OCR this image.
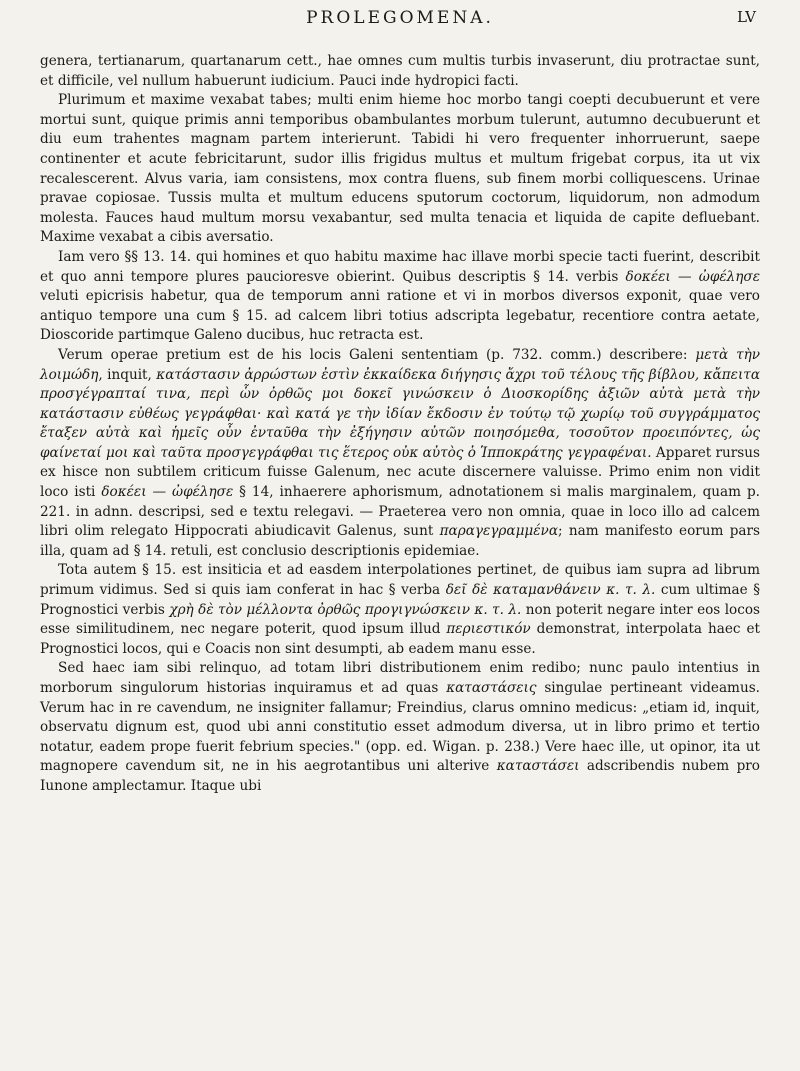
PROLEGOMENA.	LV

genera, tertianarum, quartanarum cett., hae omnes cum multis turbis invaserunt, diu protractae sunt, et difficile, vel nullum habuerunt iudicium. Pauci inde hydropici facti.

Plurimum et maxime vexabat tabes; multi enim hieme hoc morbo tangi coepti decubuerunt et vere mortui sunt, quique primis anni temporibus obambulantes morbum tulerunt, autumno decubuerunt et diu eum trahentes magnam partem interierunt. Tabidi hi vero frequenter inhorruerunt, saepe continenter et acute febricitarunt, sudor illis frigidus multus et multum frigebat corpus, ita ut vix recalescerent. Alvus varia, iam consistens, mox contra fluens, sub finem morbi colliquescens. Urinae pravae copiosae. Tussis multa et multum educens sputorum coctorum, liquidorum, non admodum molesta. Fauces haud multum morsu vexabantur, sed multa tenacia et liquida de capite defluebant. Maxime vexabat a cibis aversatio.

Iam vero §§ 13. 14. qui homines et quo habitu maxime hac illave morbi specie tacti fuerint, describit et quo anni tempore plures paucioresve obierint. Quibus descriptis § 14. verbis δοκέει — ὠφέλησε veluti epicrisis habetur, qua de temporum anni ratione et vi in morbos diversos exponit, quae vero antiquo tempore una cum § 15. ad calcem libri totius adscripta legebatur, recentiore contra aetate, Dioscoride partimque Galeno ducibus, huc retracta est.

Verum operae pretium est de his locis Galeni sententiam (p. 732. comm.) describere: μετὰ τὴν λοιμώδη, inquit, κατάστασιν ἀρρώστων ἐστὶν ἐκκαίδεκα διήγησις ἄχρι τοῦ τέλους τῆς βίβλου, κἄπειτα προσγέγραπταί τινα, περὶ ὧν ὀρθῶς μοι δοκεῖ γινώσκειν ὁ Διοσκορίδης ἀξιῶν αὐτὰ μετὰ τὴν κατάστασιν εὐθέως γεγράφθαι· καὶ κατά γε τὴν ἰδίαν ἔκδοσιν ἐν τούτῳ τῷ χωρίῳ τοῦ συγγράμματος ἔταξεν αὐτὰ καὶ ἡμεῖς οὖν ἐνταῦθα τὴν ἐξήγησιν αὐτῶν ποιησόμεθα, τοσοῦτον προειπόντες, ὡς φαίνεταί μοι καὶ ταῦτα προσγεγράφθαι τις ἕτερος οὐκ αὐτὸς ὁ Ἱπποκράτης γεγραφέναι. Apparet rursus ex hisce non subtilem criticum fuisse Galenum, nec acute discernere valuisse. Primo enim non vidit loco isti δοκέει — ὠφέλησε § 14, inhaerere aphorismum, adnotationem si malis marginalem, quam p. 221. in adnn. descripsi, sed e textu relegavi. — Praeterea vero non omnia, quae in loco illo ad calcem libri olim relegato Hippocrati abiudicavit Galenus, sunt παραγεγραμμένα; nam manifesto eorum pars illa, quam ad § 14. retuli, est conclusio descriptionis epidemiae.

Tota autem § 15. est insiticia et ad easdem interpolationes pertinet, de quibus iam supra ad librum primum vidimus. Sed si quis iam conferat in hac § verba δεῖ δὲ καταμανθάνειν κ. τ. λ. cum ultimae § Prognostici verbis χρὴ δὲ τὸν μέλλοντα ὀρθῶς προγιγνώσκειν κ. τ. λ. non poterit negare inter eos locos esse similitudinem, nec negare poterit, quod ipsum illud περιεστικόν demonstrat, interpolata haec et Prognostici locos, qui e Coacis non sint desumpti, ab eadem manu esse.

Sed haec iam sibi relinquo, ad totam libri distributionem enim redibo; nunc paulo intentius in morborum singulorum historias inquiramus et ad quas καταστάσεις singulae pertineant videamus. Verum hac in re cavendum, ne insigniter fallamur; Freindius, clarus omnino medicus: „etiam id, inquit, observatu dignum est, quod ubi anni constitutio esset admodum diversa, ut in libro primo et tertio notatur, eadem prope fuerit febrium species." (opp. ed. Wigan. p. 238.) Vere haec ille, ut opinor, ita ut magnopere cavendum sit, ne in his aegrotantibus uni alterive καταστάσει adscribendis nubem pro Iunone amplectamur. Itaque ubi
